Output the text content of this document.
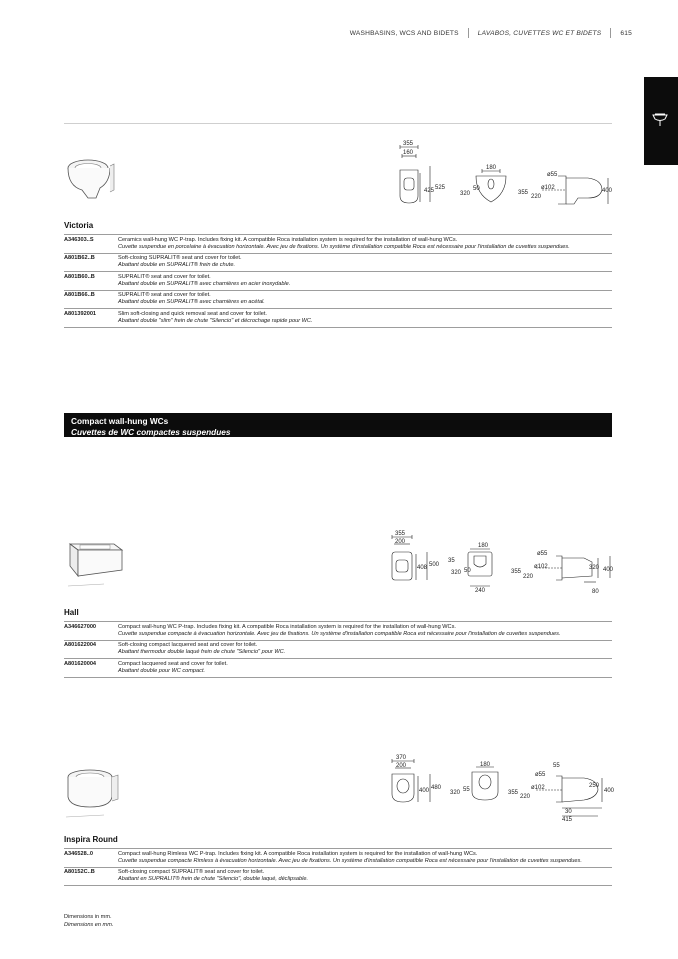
WASHBASINS, WCS AND BIDETS	LAVABOS, CUVETTES WC ET BIDETS	615
355
160
425 525
180
320
50
ø55
ø102
355
220
400
Victoria
A346303..S	Ceramics wall-hung WC P-trap. Includes fixing kit. A compatible Roca installation system is required for the installation of wall-hung WCs.
Cuvette suspendue en porcelaine à évacuation horizontale. Avec jeu de fixations. Un système d'installation compatible Roca est nécessaire pour l'installation de cuvettes suspendues.

A801B62..B	Soft-closing SUPRALIT® seat and cover for toilet.
Abattant double en SUPRALIT® frein de chute.

A801B60..B	SUPRALIT® seat and cover for toilet.
Abattant double en SUPRALIT® avec charnières en acier inoxydable.

A801B66..B	SUPRALIT® seat and cover for toilet.
Abattant double en SUPRALIT® avec charnières en acétal.

A801392001	Slim soft-closing and quick removal seat and cover for toilet.
Abattant double "slim" frein de chute "Silencio" et décrochage rapide pour WC.
Compact wall-hung WCs
Cuvettes de WC compactes suspendues
355
200
408 500
180
35
320 50
240
ø55
ø102
355
220
320 400
80
Hall
A346627000	Compact wall-hung WC P-trap. Includes fixing kit. A compatible Roca installation system is required for the installation of wall-hung WCs.
Cuvette suspendue compacte à évacuation horizontale. Avec jeu de fixations. Un système d'installation compatible Roca est nécessaire pour l'installation de cuvettes suspendues.

A801622004	Soft-closing compact lacquered seat and cover for toilet.
Abattant thermodur double laqué frein de chute "Silencio" pour WC.

A801620004	Compact lacquered seat and cover for toilet.
Abattant double pour WC compact.
370
200
400 480
180
320 55
55
ø55
ø102
355
220
250
400
30
415
Inspira Round
A346528..0	Compact wall-hung Rimless WC P-trap. Includes fixing kit. A compatible Roca installation system is required for the installation of wall-hung WCs.
Cuvette suspendue compacte Rimless à évacuation horizontale. Avec jeu de fixations. Un système d'installation compatible Roca est nécessaire pour l'installation de cuvettes suspendues.

A80152C..B	Soft-closing compact SUPRALIT® seat and cover for toilet.
Abattant en SUPRALIT® frein de chute "Silencio", double laqué, déclipsable.
Dimensions in mm.
Dimensions en mm.
